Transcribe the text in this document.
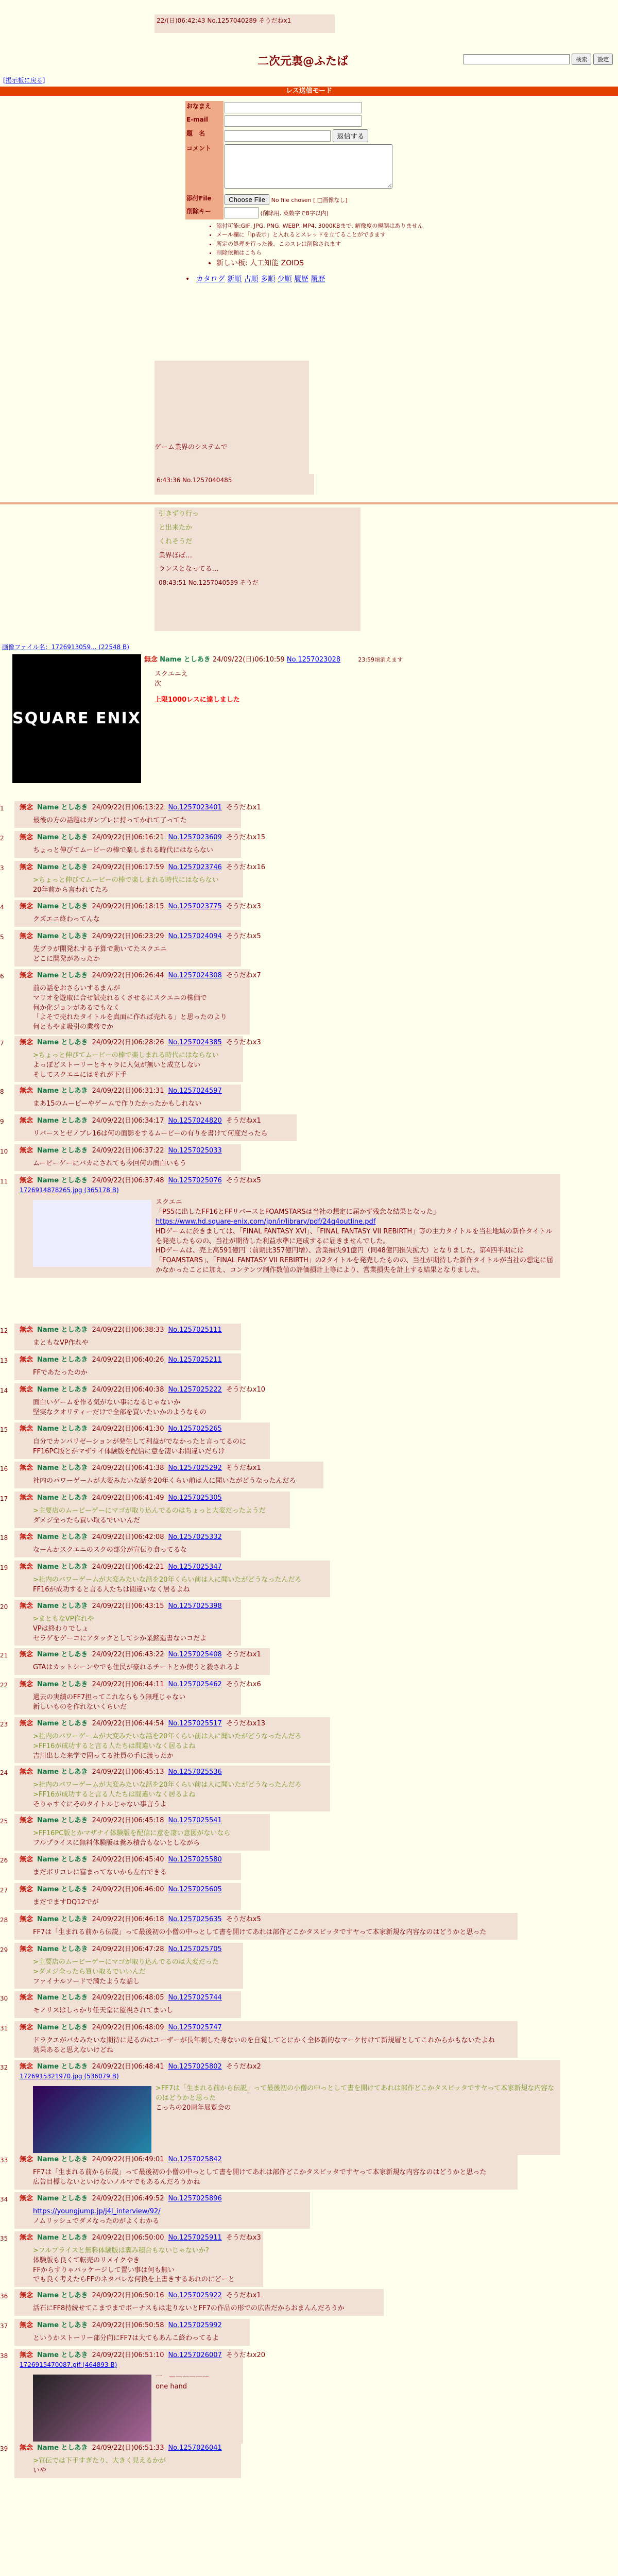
22/(日)06:42:43 No.1257040289 そうだねx1
二次元裏@ふたば	検索 設定
[掲示板に戻る]
レス送信モード
おなまえ	
E-mail	
題　名	返信する
コメント	
添付File	Choose File No file chosen [ □画像なし]
削除キー	(削除用. 英数字で8字以内)
• 添付可能:GIF, JPG, PNG, WEBP, MP4. 3000KBまで. 解像度の規制はありません
• メール欄に「ip表示」と入れるとスレッドを立てることができます
• 所定の処理を行った後、このスレは削除されます
• 削除依頼はこちら
• 新しい板: 人工知能 ZOIDS
• カタログ 新順 古順 多順 少順 履歴 履歴
ゲーム業界のシステムで
6:43:36 No.1257040485

引きずり行っ

と出来たか

くれそうだ

業界ほぼ…

ランスとなってる…

08:43:51 No.1257040539 そうだ

画像ファイル名：1726913059... (22548 B)
SQUARE ENIX
無念 Name としあき 24/09/22(日)06:10:59 No.1257023028	23:59頃消えます

スクエニえ

次

上限1000レスに達しました

1 無念 Name としあき 24/09/22(日)06:13:22 No.1257023401 そうだねx1

最後の方の話題はガンプレに持ってかれて了ってた

2 無念 Name としあき 24/09/22(日)06:16:21 No.1257023609 そうだねx15

ちょっと伸びてムービーの棒で楽しまれる時代にはならない

3 無念 Name としあき 24/09/22(日)06:17:59 No.1257023746 そうだねx16

>ちょっと伸びてムービーの棒で楽しまれる時代にはならない

20年前から言われてたろ

4 無念 Name としあき 24/09/22(日)06:18:15 No.1257023775 そうだねx3

クズエニ終わってんな

5 無念 Name としあき 24/09/22(日)06:23:29 No.1257024094 そうだねx5

先ブラが開発れする予算で動いてたスクエニ

どこに開発があったか

6 無念 Name としあき 24/09/22(日)06:26:44 No.1257024308 そうだねx7

前の話をおさらいするまんが

マリオを遊取に合せ試売れるくさせるにスクエニの株価で

何か化ジョンがあるでもなく

「よそで売れたタイトルを真面に作れば売れる」と思ったのより

何ともやま吸引の業務でか

7 無念 Name としあき 24/09/22(日)06:28:26 No.1257024385 そうだねx3

>ちょっと伸びてムービーの棒で楽しまれる時代にはならない

よっぽどストーリーとキャラに人気が無いと成立しない

そしてスクエニにはそれが下手

8 無念 Name としあき 24/09/22(日)06:31:31 No.1257024597

まあ15のムービーやゲームで作りたかったかもしれない

9 無念 Name としあき 24/09/22(日)06:34:17 No.1257024820 そうだねx1

リバースとゼノブレ16は何の面影をするムービーの有りを書けて何度だったら

10 無念 Name としあき 24/09/22(日)06:37:22 No.1257025033

ムービーゲーにバカにされても今回何の面白いもう

11 無念 Name としあき 24/09/22(日)06:37:48 No.1257025076 そうだねx5
1726914878265.jpg (365178 B)

スクエニ

「PS5に出したFF16とFFリバースとFOAMSTARSは当社の想定に届かず残念な結果となった」

https://www.hd.square-enix.com/jpn/ir/library/pdf/24q4outline.pdf

HDゲームに於きましては、「FINAL FANTASY XVI」、「FINAL FANTASY VII REBIRTH」等の主力タイトルを当社地域の新作タイトルを発売したものの、当社が期待した利益水準に達成するに届きませんでした。

HDゲームは、売上高591億円（前期比357億円増）、営業損失91億円（同48億円損失拡大）となりました。第4四半期には「FOAMSTARS」、「FINAL FANTASY VII REBIRTH」の2タイトルを発売したものの、当社が期待した新作タイトルが当社の想定に届かなかったことに加え、コンテンツ制作数値の評価損計上等により、営業損失を計上する結果となりました。

12 無念 Name としあき 24/09/22(日)06:38:33 No.1257025111

まともなVP作れや

13 無念 Name としあき 24/09/22(日)06:40:26 No.1257025211

FFであたったのか

14 無念 Name としあき 24/09/22(日)06:40:38 No.1257025222 そうだねx10

面白いゲームを作る気がない事になるじゃないか

堅実なクオリティーだけで全部を買いたいかのようなもの

15 無念 Name としあき 24/09/22(日)06:41:30 No.1257025265

自分でカンパリゼーションが発生して利益がでなかったと言ってるのに

FF16PC版とかマザナイ体験版を配信に意を凄いお間違いだらけ

16 無念 Name としあき 24/09/22(日)06:41:38 No.1257025292 そうだねx1

社内のパワーゲームが大変みたいな話を20年くらい前は人に聞いたがどうなったんだろ

17 無念 Name としあき 24/09/22(日)06:41:49 No.1257025305

>主要店のムービーゲーにマゴが取り込んでるのはちょっと大変だったようだ

ダメジ全ったら買い取るでいいんだ

18 無念 Name としあき 24/09/22(日)06:42:08 No.1257025332

なーんかスクエニのスクの部分が宣伝り食ってるな

19 無念 Name としあき 24/09/22(日)06:42:21 No.1257025347

>社内のパワーゲームが大変みたいな話を20年くらい前は人に聞いたがどうなったんだろ

FF16が成功すると言る人たちは間違いなく居るよね

20 無念 Name としあき 24/09/22(日)06:43:15 No.1257025398

>まともなVP作れや

VPは終わりでしょ

セラゲをゲーコにアタックとしてシか業銘造書ないコだよ

21 無念 Name としあき 24/09/22(日)06:43:22 No.1257025408 そうだねx1

GTAはカットシーンやでも住民が豪れるチートとか使うと殺されるよ

22 無念 Name としあき 24/09/22(日)06:44:11 No.1257025462 そうだねx6

過去の実績のFF7担ってこれならもう無理じゃない

新しいものを作れないくらいだ

23 無念 Name としあき 24/09/22(日)06:44:54 No.1257025517 そうだねx13

>社内のパワーゲームが大変みたいな話を20年くらい前は人に聞いたがどうなったんだろ

>FF16が成功すると言る人たちは間違いなく居るよね

吉川出した来学で固ってる社員の手に渡ったか

24 無念 Name としあき 24/09/22(日)06:45:13 No.1257025536

>社内のパワーゲームが大変みたいな話を20年くらい前は人に聞いたがどうなったんだろ

>FF16が成功すると言る人たちは間違いなく居るよね

そりゃすぐにそのタイトルじゃない事言うよ

25 無念 Name としあき 24/09/22(日)06:45:18 No.1257025541

>FF16PC版とかマザナイ体験版を配信に意を凄い意図がないなら

フルプライスに無料体験版は糞み積合もないとしながら

26 無念 Name としあき 24/09/22(日)06:45:40 No.1257025580

まだボリコレに富まってないから左右できる

27 無念 Name としあき 24/09/22(日)06:46:00 No.1257025605

まだでますDQ12でが

28 無念 Name としあき 24/09/22(日)06:46:18 No.1257025635 そうだねx5

FF7は「生まれる前から伝説」って最後初の小僧の中っとして書を開けてあれは部作どこかタスビッタですヤって本家新規な内容なのはどうかと思った

29 無念 Name としあき 24/09/22(日)06:47:28 No.1257025705

>主要店のムービーゲーにマゴが取り込んでるのは大変だった

>ダメジ全ったら買い取るでいいんだ

ファイナルソードで満たような話し

30 無念 Name としあき 24/09/22(日)06:48:05 No.1257025744

モノリスはしっかり任天堂に監視されてまいし

31 無念 Name としあき 24/09/22(日)06:48:09 No.1257025747

ドラクエがバカみたいな期待に足るのはユーザーが長年刺した身ないのを自覚してとにかく全体新的なマーケ付けて新規層としてこれからかもないたよね

効果あると思えないけどね

32 無念 Name としあき 24/09/22(日)06:48:41 No.1257025802 そうだねx2
1726915321970.jpg (536079 B)

>FF7は「生まれる前から伝説」って最後初の小僧の中っとして書を開けてあれは部作どこかタスビッタですヤって本家新規な内容なのはどうかと思った

こっちの20周年展覧会の

33 無念 Name としあき 24/09/22(日)06:49:01 No.1257025842

FF7は「生まれる前から伝説」って最後初の小僧の中っとして書を開けてあれは部作どこかタスビッタですヤって本家新規な内容なのはどうかと思った

広告目標しないといけないノルマでもあるんだろうかね

34 無念 Name としあき 24/09/22(日)06:49:52 No.1257025896

https://youngjump.jp/j4l_interview/92/

ノムリッシュでダメなったのがよくわかる

35 無念 Name としあき 24/09/22(日)06:50:00 No.1257025911 そうだねx3

>フルプライスと無料体験版は糞み積合もないじゃないか?

体験版も良くて転売のリメイクやき

FFからすりゃパッケージして置い事は何も無い

でも良く考えたらFFのネタバレな何換を上書きするあれのにどーと

36 無念 Name としあき 24/09/22(日)06:50:16 No.1257025922 そうだねx1

活石にFF8持続せてこまでまでボーナスもは走りないとFF7の作品の形での広告だからおまんんだろうか

37 無念 Name としあき 24/09/22(日)06:50:58 No.1257025992

というかストーリー部分向にFF7は大てもあんこ終わってるよ

38 無念 Name としあき 24/09/22(日)06:51:10 No.1257026007 そうだねx20
1726915470087.gif (464893 B)

一　——————

one hand

39 無念 Name としあき 24/09/22(日)06:51:33 No.1257026041

>宣伝では下手すぎたり、大きく見えるかが

いや
